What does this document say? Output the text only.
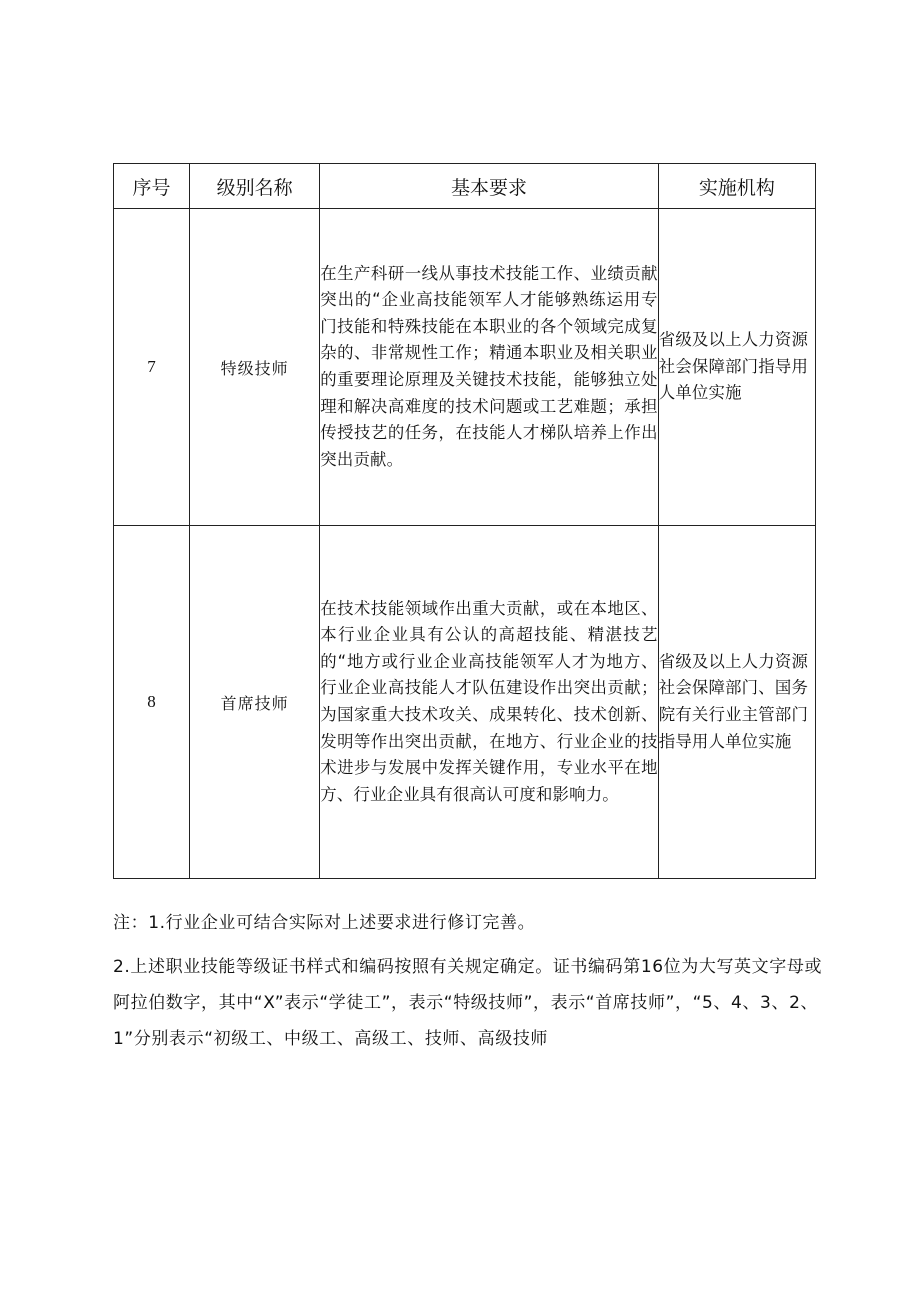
序号	级别名称	基本要求	实施机构
7	特级技师	在生产科研一线从事技术技能工作、业绩贡献突出的“企业高技能领军人才能够熟练运用专门技能和特殊技能在本职业的各个领域完成复杂的、非常规性工作；精通本职业及相关职业的重要理论原理及关键技术技能，能够独立处理和解决高难度的技术问题或工艺难题；承担传授技艺的任务，在技能人才梯队培养上作出突出贡献。	省级及以上人力资源社会保障部门指导用人单位实施
8	首席技师	在技术技能领域作出重大贡献，或在本地区、本行业企业具有公认的高超技能、精湛技艺的“地方或行业企业高技能领军人才为地方、行业企业高技能人才队伍建设作出突出贡献；为国家重大技术攻关、成果转化、技术创新、发明等作出突出贡献，在地方、行业企业的技术进步与发展中发挥关键作用，专业水平在地方、行业企业具有很高认可度和影响力。	省级及以上人力资源社会保障部门、国务院有关行业主管部门指导用人单位实施

注：1.行业企业可结合实际对上述要求进行修订完善。

2.上述职业技能等级证书样式和编码按照有关规定确定。证书编码第16位为大写英文字母或阿拉伯数字，其中“X”表示“学徒工”，表示“特级技师”，表示“首席技师”，“5、4、3、2、1”分别表示“初级工、中级工、高级工、技师、高级技师
